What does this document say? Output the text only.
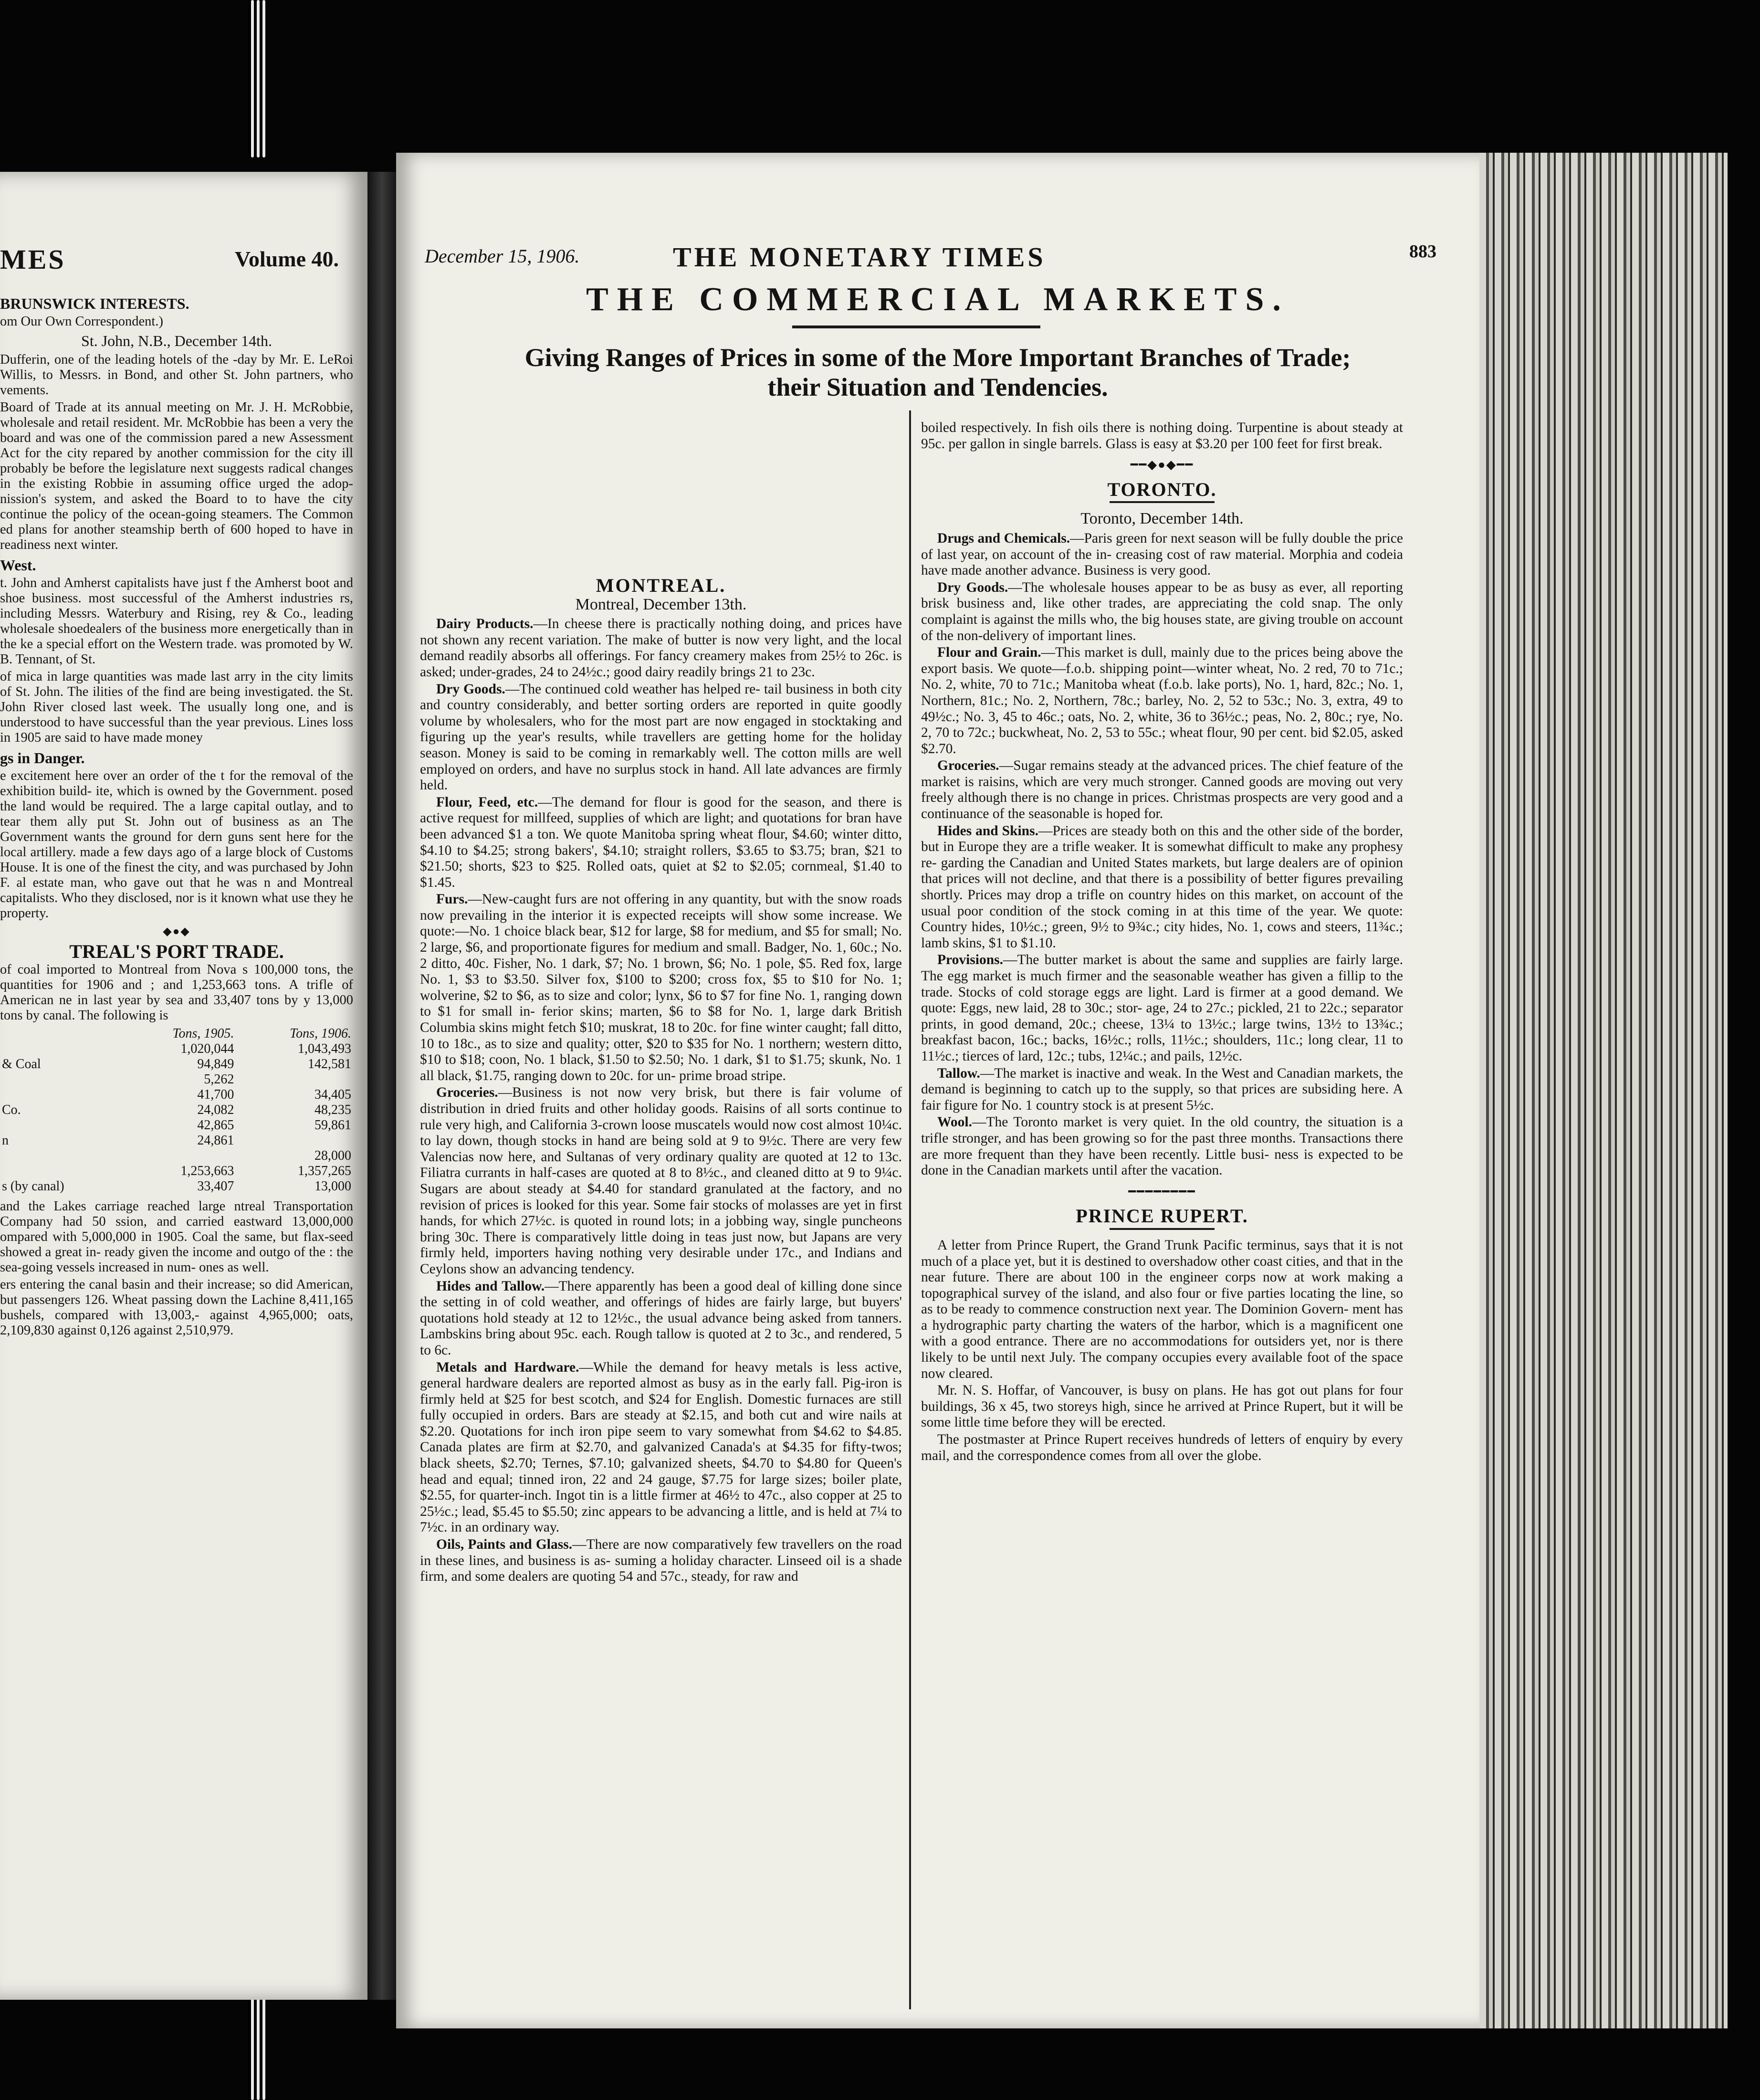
MES	Volume 40.
BRUNSWICK INTERESTS.

om Our Own Correspondent.)

St. John, N.B., December 14th.

Dufferin, one of the leading hotels of the -day by Mr. E. LeRoi Willis, to Messrs. in Bond, and other St. John partners, who vements.

Board of Trade at its annual meeting on Mr. J. H. McRobbie, wholesale and retail resident. Mr. McRobbie has been a very the board and was one of the commission pared a new Assessment Act for the city repared by another commission for the city ill probably be before the legislature next suggests radical changes in the existing Robbie in assuming office urged the adop- nission's system, and asked the Board to to have the city continue the policy of the ocean-going steamers. The Common ed plans for another steamship berth of 600 hoped to have in readiness next winter.

West.

t. John and Amherst capitalists have just f the Amherst boot and shoe business. most successful of the Amherst industries rs, including Messrs. Waterbury and Rising, rey & Co., leading wholesale shoedealers of the business more energetically than in the ke a special effort on the Western trade. was promoted by W. B. Tennant, of St.

of mica in large quantities was made last arry in the city limits of St. John. The ilities of the find are being investigated. the St. John River closed last week. The usually long one, and is understood to have successful than the year previous. Lines loss in 1905 are said to have made money

gs in Danger.

e excitement here over an order of the t for the removal of the exhibition build- ite, which is owned by the Government. posed the land would be required. The a large capital outlay, and to tear them ally put St. John out of business as an The Government wants the ground for dern guns sent here for the local artillery. made a few days ago of a large block of Customs House. It is one of the finest the city, and was purchased by John F. al estate man, who gave out that he was n and Montreal capitalists. Who they disclosed, nor is it known what use they he property.

◆●◆
TREAL'S PORT TRADE.

of coal imported to Montreal from Nova s 100,000 tons, the quantities for 1906 and ; and 1,253,663 tons. A trifle of American ne in last year by sea and 33,407 tons by y 13,000 tons by canal. The following is

	Tons, 1905.	Tons, 1906.
	1,020,044	1,043,493
& Coal	94,849	142,581
	5,262	
	41,700	34,405
Co.	24,082	48,235
	42,865	59,861
n	24,861	
		28,000
	1,253,663	1,357,265
s (by canal)	33,407	13,000

and the Lakes carriage reached large ntreal Transportation Company had 50 ssion, and carried eastward 13,000,000 ompared with 5,000,000 in 1905. Coal the same, but flax-seed showed a great in- ready given the income and outgo of the : the sea-going vessels increased in num- ones as well.

ers entering the canal basin and their increase; so did American, but passengers 126. Wheat passing down the Lachine 8,411,165 bushels, compared with 13,003,- against 4,965,000; oats, 2,109,830 against 0,126 against 2,510,979.

December 15, 1906.	THE MONETARY TIMES	883
THE COMMERCIAL MARKETS.
Giving Ranges of Prices in some of the More Important Branches of Trade;
their Situation and Tendencies.
MONTREAL.
Montreal, December 13th.

Dairy Products.—In cheese there is practically nothing doing, and prices have not shown any recent variation. The make of butter is now very light, and the local demand readily absorbs all offerings. For fancy creamery makes from 25½ to 26c. is asked; under-grades, 24 to 24½c.; good dairy readily brings 21 to 23c.

Dry Goods.—The continued cold weather has helped re- tail business in both city and country considerably, and better sorting orders are reported in quite goodly volume by wholesalers, who for the most part are now engaged in stocktaking and figuring up the year's results, while travellers are getting home for the holiday season. Money is said to be coming in remarkably well. The cotton mills are well employed on orders, and have no surplus stock in hand. All late advances are firmly held.

Flour, Feed, etc.—The demand for flour is good for the season, and there is active request for millfeed, supplies of which are light; and quotations for bran have been advanced $1 a ton. We quote Manitoba spring wheat flour, $4.60; winter ditto, $4.10 to $4.25; strong bakers', $4.10; straight rollers, $3.65 to $3.75; bran, $21 to $21.50; shorts, $23 to $25. Rolled oats, quiet at $2 to $2.05; cornmeal, $1.40 to $1.45.

Furs.—New-caught furs are not offering in any quantity, but with the snow roads now prevailing in the interior it is expected receipts will show some increase. We quote:—No. 1 choice black bear, $12 for large, $8 for medium, and $5 for small; No. 2 large, $6, and proportionate figures for medium and small. Badger, No. 1, 60c.; No. 2 ditto, 40c. Fisher, No. 1 dark, $7; No. 1 brown, $6; No. 1 pole, $5. Red fox, large No. 1, $3 to $3.50. Silver fox, $100 to $200; cross fox, $5 to $10 for No. 1; wolverine, $2 to $6, as to size and color; lynx, $6 to $7 for fine No. 1, ranging down to $1 for small in- ferior skins; marten, $6 to $8 for No. 1, large dark British Columbia skins might fetch $10; muskrat, 18 to 20c. for fine winter caught; fall ditto, 10 to 18c., as to size and quality; otter, $20 to $35 for No. 1 northern; western ditto, $10 to $18; coon, No. 1 black, $1.50 to $2.50; No. 1 dark, $1 to $1.75; skunk, No. 1 all black, $1.75, ranging down to 20c. for un- prime broad stripe.

Groceries.—Business is not now very brisk, but there is fair volume of distribution in dried fruits and other holiday goods. Raisins of all sorts continue to rule very high, and California 3-crown loose muscatels would now cost almost 10¼c. to lay down, though stocks in hand are being sold at 9 to 9½c. There are very few Valencias now here, and Sultanas of very ordinary quality are quoted at 12 to 13c. Filiatra currants in half-cases are quoted at 8 to 8½c., and cleaned ditto at 9 to 9¼c. Sugars are about steady at $4.40 for standard granulated at the factory, and no revision of prices is looked for this year. Some fair stocks of molasses are yet in first hands, for which 27½c. is quoted in round lots; in a jobbing way, single puncheons bring 30c. There is comparatively little doing in teas just now, but Japans are very firmly held, importers having nothing very desirable under 17c., and Indians and Ceylons show an advancing tendency.

Hides and Tallow.—There apparently has been a good deal of killing done since the setting in of cold weather, and offerings of hides are fairly large, but buyers' quotations hold steady at 12 to 12½c., the usual advance being asked from tanners. Lambskins bring about 95c. each. Rough tallow is quoted at 2 to 3c., and rendered, 5 to 6c.

Metals and Hardware.—While the demand for heavy metals is less active, general hardware dealers are reported almost as busy as in the early fall. Pig-iron is firmly held at $25 for best scotch, and $24 for English. Domestic furnaces are still fully occupied in orders. Bars are steady at $2.15, and both cut and wire nails at $2.20. Quotations for inch iron pipe seem to vary somewhat from $4.62 to $4.85. Canada plates are firm at $2.70, and galvanized Canada's at $4.35 for fifty-twos; black sheets, $2.70; Ternes, $7.10; galvanized sheets, $4.70 to $4.80 for Queen's head and equal; tinned iron, 22 and 24 gauge, $7.75 for large sizes; boiler plate, $2.55, for quarter-inch. Ingot tin is a little firmer at 46½ to 47c., also copper at 25 to 25½c.; lead, $5.45 to $5.50; zinc appears to be advancing a little, and is held at 7¼ to 7½c. in an ordinary way.

Oils, Paints and Glass.—There are now comparatively few travellers on the road in these lines, and business is as- suming a holiday character. Linseed oil is a shade firm, and some dealers are quoting 54 and 57c., steady, for raw and

boiled respectively. In fish oils there is nothing doing. Turpentine is about steady at 95c. per gallon in single barrels. Glass is easy at $3.20 per 100 feet for first break.

━━◆●◆━━
TORONTO.
Toronto, December 14th.

Drugs and Chemicals.—Paris green for next season will be fully double the price of last year, on account of the in- creasing cost of raw material. Morphia and codeia have made another advance. Business is very good.

Dry Goods.—The wholesale houses appear to be as busy as ever, all reporting brisk business and, like other trades, are appreciating the cold snap. The only complaint is against the mills who, the big houses state, are giving trouble on account of the non-delivery of important lines.

Flour and Grain.—This market is dull, mainly due to the prices being above the export basis. We quote—f.o.b. shipping point—winter wheat, No. 2 red, 70 to 71c.; No. 2, white, 70 to 71c.; Manitoba wheat (f.o.b. lake ports), No. 1, hard, 82c.; No. 1, Northern, 81c.; No. 2, Northern, 78c.; barley, No. 2, 52 to 53c.; No. 3, extra, 49 to 49½c.; No. 3, 45 to 46c.; oats, No. 2, white, 36 to 36½c.; peas, No. 2, 80c.; rye, No. 2, 70 to 72c.; buckwheat, No. 2, 53 to 55c.; wheat flour, 90 per cent. bid $2.05, asked $2.70.

Groceries.—Sugar remains steady at the advanced prices. The chief feature of the market is raisins, which are very much stronger. Canned goods are moving out very freely although there is no change in prices. Christmas prospects are very good and a continuance of the seasonable is hoped for.

Hides and Skins.—Prices are steady both on this and the other side of the border, but in Europe they are a trifle weaker. It is somewhat difficult to make any prophesy re- garding the Canadian and United States markets, but large dealers are of opinion that prices will not decline, and that there is a possibility of better figures prevailing shortly. Prices may drop a trifle on country hides on this market, on account of the usual poor condition of the stock coming in at this time of the year. We quote: Country hides, 10½c.; green, 9½ to 9¾c.; city hides, No. 1, cows and steers, 11¾c.; lamb skins, $1 to $1.10.

Provisions.—The butter market is about the same and supplies are fairly large. The egg market is much firmer and the seasonable weather has given a fillip to the trade. Stocks of cold storage eggs are light. Lard is firmer at a good demand. We quote: Eggs, new laid, 28 to 30c.; stor- age, 24 to 27c.; pickled, 21 to 22c.; separator prints, in good demand, 20c.; cheese, 13¼ to 13½c.; large twins, 13½ to 13¾c.; breakfast bacon, 16c.; backs, 16½c.; rolls, 11½c.; shoulders, 11c.; long clear, 11 to 11½c.; tierces of lard, 12c.; tubs, 12¼c.; and pails, 12½c.

Tallow.—The market is inactive and weak. In the West and Canadian markets, the demand is beginning to catch up to the supply, so that prices are subsiding here. A fair figure for No. 1 country stock is at present 5½c.

Wool.—The Toronto market is very quiet. In the old country, the situation is a trifle stronger, and has been growing so for the past three months. Transactions there are more frequent than they have been recently. Little busi- ness is expected to be done in the Canadian markets until after the vacation.

━━━━━━━━
PRINCE RUPERT.

A letter from Prince Rupert, the Grand Trunk Pacific terminus, says that it is not much of a place yet, but it is destined to overshadow other coast cities, and that in the near future. There are about 100 in the engineer corps now at work making a topographical survey of the island, and also four or five parties locating the line, so as to be ready to commence construction next year. The Dominion Govern- ment has a hydrographic party charting the waters of the harbor, which is a magnificent one with a good entrance. There are no accommodations for outsiders yet, nor is there likely to be until next July. The company occupies every available foot of the space now cleared.

Mr. N. S. Hoffar, of Vancouver, is busy on plans. He has got out plans for four buildings, 36 x 45, two storeys high, since he arrived at Prince Rupert, but it will be some little time before they will be erected.

The postmaster at Prince Rupert receives hundreds of letters of enquiry by every mail, and the correspondence comes from all over the globe.
